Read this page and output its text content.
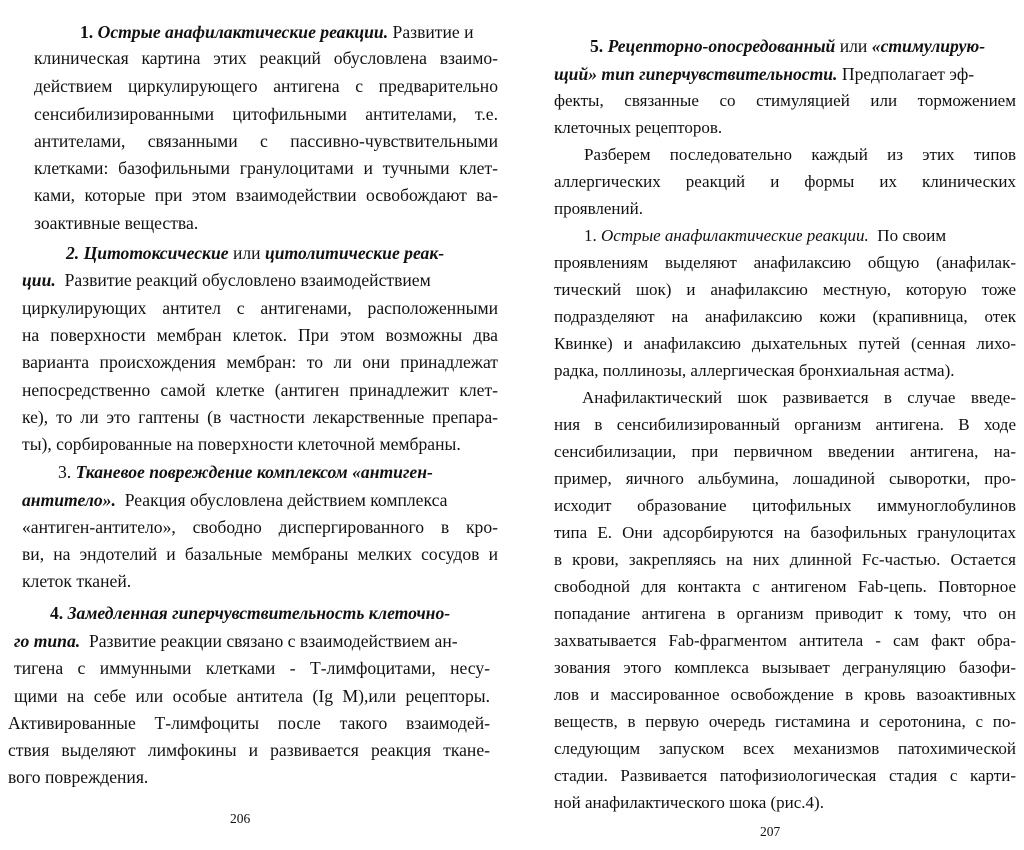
1. Острые анафилактические реакции. Развитие и
клиническая картина этих реакций обусловлена взаимо-
действием циркулирующего антигена с предварительно
сенсибилизированными цитофильными антителами, т.е.
антителами, связанными с пассивно-чувствительными
клетками: базофильными гранулоцитами и тучными клет-
ками, которые при этом взаимодействии освобождают ва-
зоактивные вещества.
2. Цитотоксические или цитолитические реак-
ции. Развитие реакций обусловлено взаимодействием
циркулирующих антител с антигенами, расположенными
на поверхности мембран клеток. При этом возможны два
варианта происхождения мембран: то ли они принадлежат
непосредственно самой клетке (антиген принадлежит клет-
ке), то ли это гаптены (в частности лекарственные препара-
ты), сорбированные на поверхности клеточной мембраны.
3. Тканевое повреждение комплексом «антиген-
антитело». Реакция обусловлена действием комплекса
«антиген-антитело», свободно диспергированного в кро-
ви, на эндотелий и базальные мембраны мелких сосудов и
клеток тканей.
4. Замедленная гиперчувствительность клеточно-
го типа. Развитие реакции связано с взаимодействием ан-
тигена с иммунными клетками - Т-лимфоцитами, несу-
щими на себе или особые антитела (Ig M),или рецепторы.
Активированные Т-лимфоциты после такого взаимодей-
ствия выделяют лимфокины и развивается реакция ткане-
вого повреждения.
206
5. Рецепторно-опосредованный или «стимулирую-
щий» тип гиперчувствительности. Предполагает эф-
фекты, связанные со стимуляцией или торможением
клеточных рецепторов.
Разберем последовательно каждый из этих типов
аллергических реакций и формы их клинических
проявлений.
1. Острые анафилактические реакции. По своим
проявлениям выделяют анафилаксию общую (анафилак-
тический шок) и анафилаксию местную, которую тоже
подразделяют на анафилаксию кожи (крапивница, отек
Квинке) и анафилаксию дыхательных путей (сенная лихо-
радка, поллинозы, аллергическая бронхиальная астма).
Анафилактический шок развивается в случае введе-
ния в сенсибилизированный организм антигена. В ходе
сенсибилизации, при первичном введении антигена, на-
пример, яичного альбумина, лошадиной сыворотки, про-
исходит образование цитофильных иммуноглобулинов
типа Е. Они адсорбируются на базофильных гранулоцитах
в крови, закрепляясь на них длинной Fc-частью. Остается
свободной для контакта с антигеном Fab-цепь. Повторное
попадание антигена в организм приводит к тому, что он
захватывается Fab-фрагментом антитела - сам факт обра-
зования этого комплекса вызывает дегрануляцию базофи-
лов и массированное освобождение в кровь вазоактивных
веществ, в первую очередь гистамина и серотонина, с по-
следующим запуском всех механизмов патохимической
стадии. Развивается патофизиологическая стадия с карти-
ной анафилактического шока (рис.4).
207
